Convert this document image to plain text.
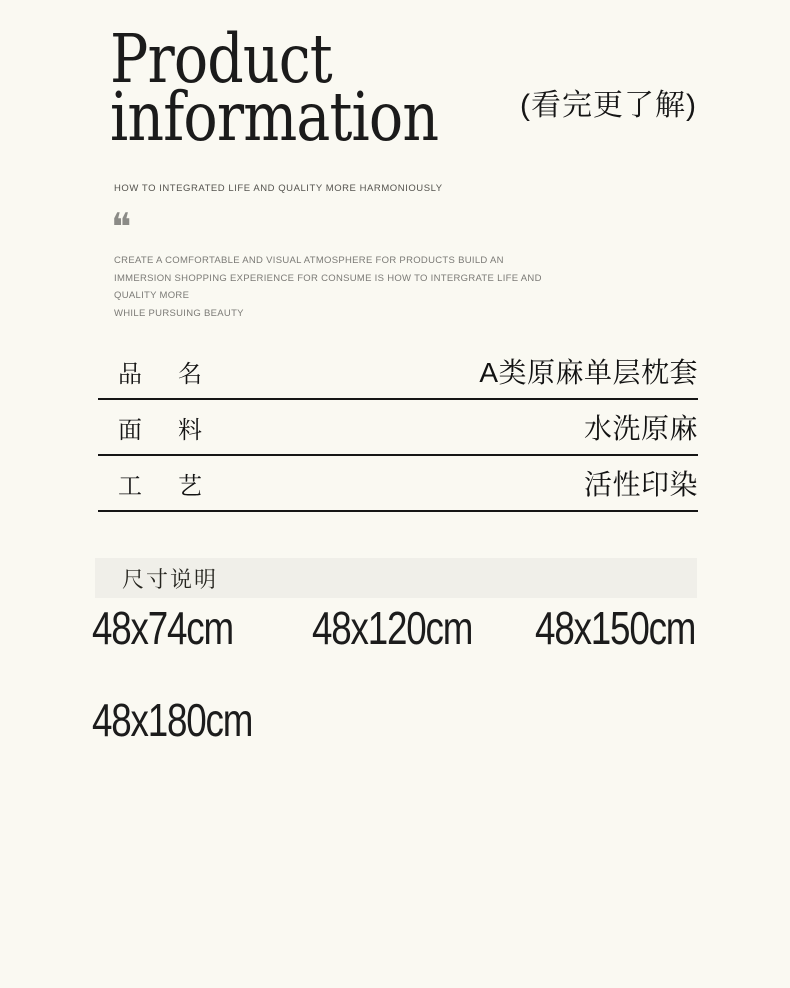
Product
information	(看完更了解)
HOW TO INTEGRATED LIFE AND QUALITY MORE HARMONIOUSLY
❝
CREATE A COMFORTABLE AND VISUAL ATMOSPHERE FOR PRODUCTS BUILD AN
IMMERSION SHOPPING EXPERIENCE FOR CONSUME IS HOW TO INTERGRATE LIFE AND QUALITY MORE
WHILE PURSUING BEAUTY
品 名	A类原麻单层枕套
面 料	水洗原麻
工 艺	活性印染
尺寸说明
48x74cm 48x120cm 48x150cm
48x180cm
